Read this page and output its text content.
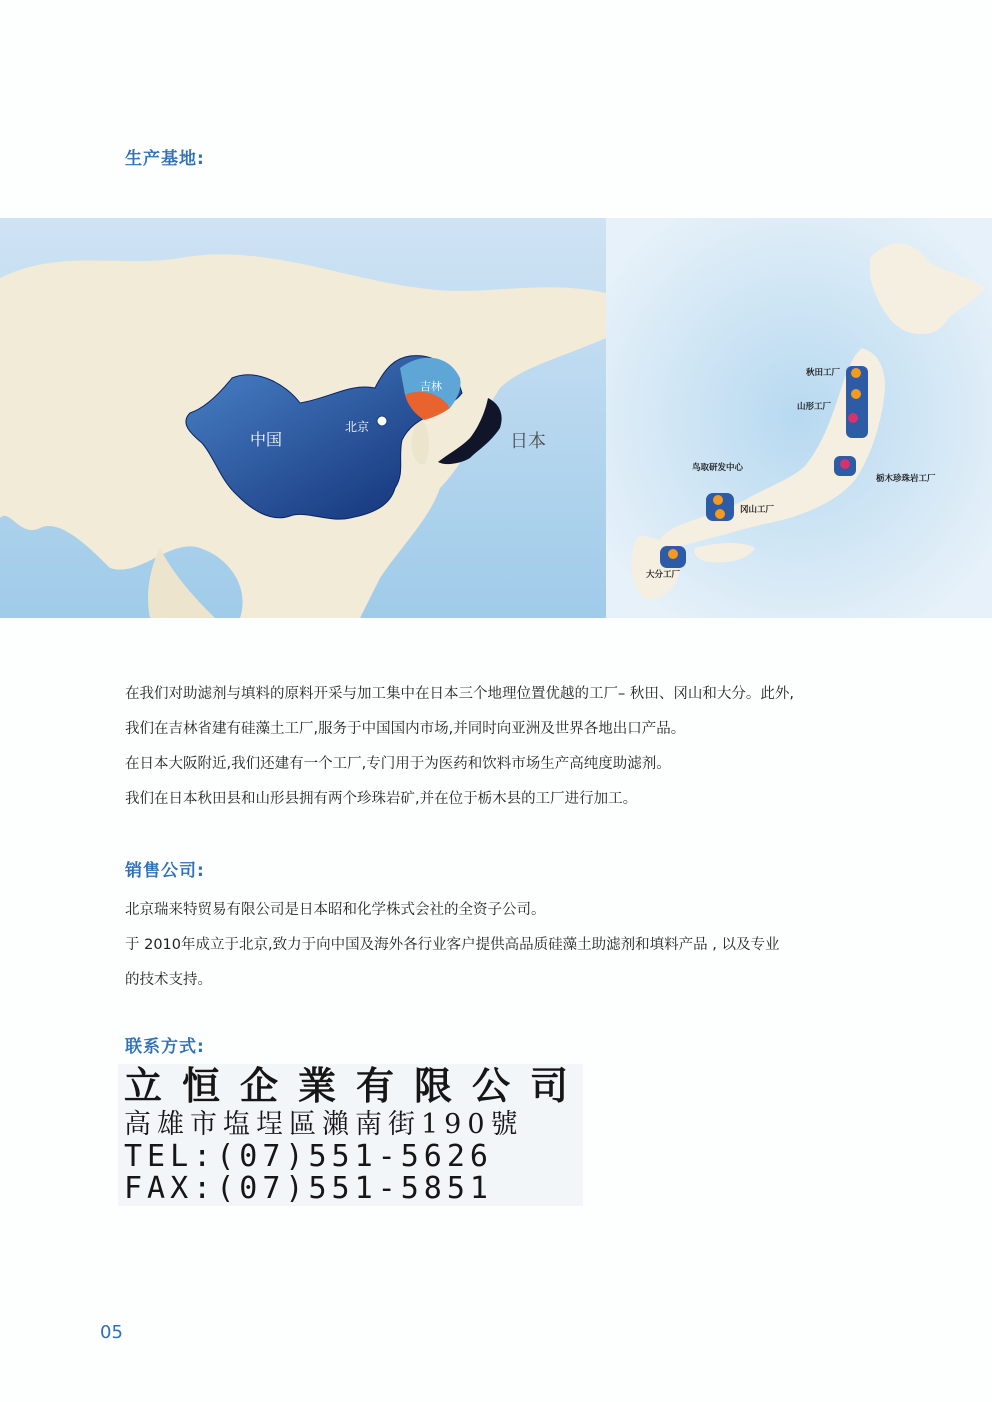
生产基地:
中国
北京
吉林
日本
秋田工厂
山形工厂
鸟取研发中心
冈山工厂
栃木珍珠岩工厂
大分工厂
在我们对助滤剂与填料的原料开采与加工集中在日本三个地理位置优越的工厂– 秋田、冈山和大分。此外,
我们在吉林省建有硅藻土工厂,服务于中国国内市场,并同时向亚洲及世界各地出口产品。
在日本大阪附近,我们还建有一个工厂,专门用于为医药和饮料市场生产高纯度助滤剂。
我们在日本秋田县和山形县拥有两个珍珠岩矿,并在位于栃木县的工厂进行加工。
销售公司:
北京瑞来特贸易有限公司是日本昭和化学株式会社的全资子公司。
于 2010年成立于北京,致力于向中国及海外各行业客户提供高品质硅藻土助滤剂和填料产品 , 以及专业
的技术支持。
联系方式:
立恒企業有限公司
高雄市塩埕區瀨南街190號
TEL:(07)551-5626
FAX:(07)551-5851
05
